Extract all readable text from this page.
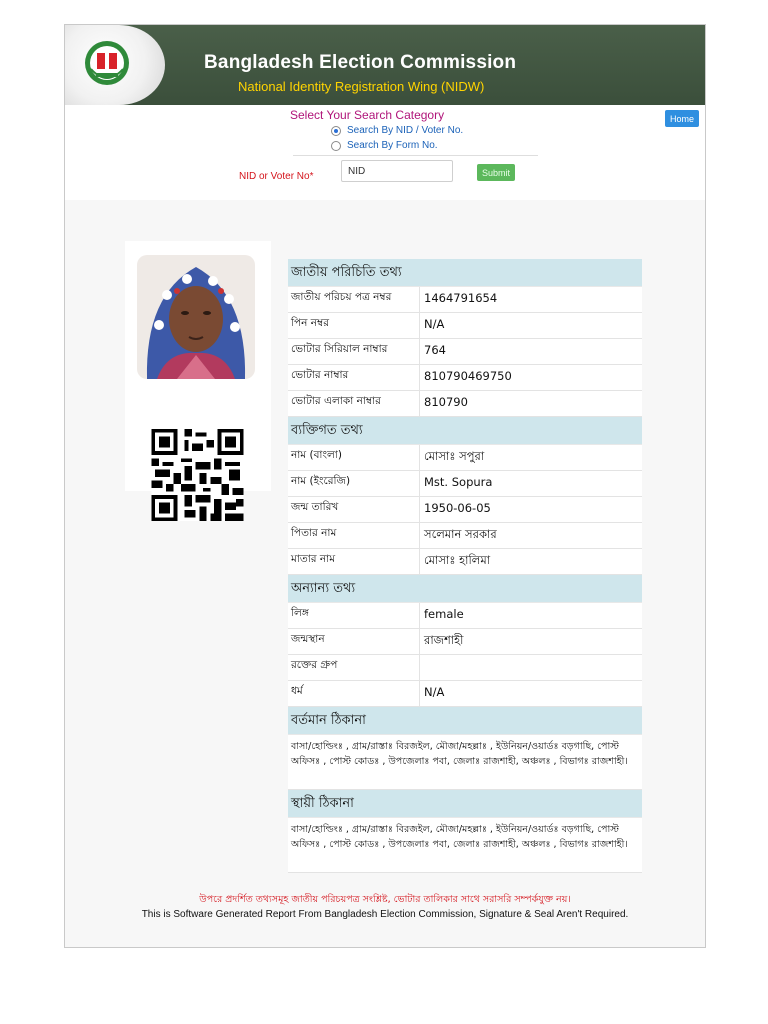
Bangladesh Election Commission
National Identity Registration Wing (NIDW)
Select Your Search Category
Search By NID / Voter No.
Search By Form No.
NID or Voter No*
NID	Submit
Home
জাতীয় পরিচিতি তথ্য
জাতীয় পরিচয় পত্র নম্বর	1464791654
পিন নম্বর	N/A
ভোটার সিরিয়াল নাম্বার	764
ভোটার নাম্বার	810790469750
ভোটার এলাকা নাম্বার	810790
ব্যক্তিগত তথ্য
নাম (বাংলা)	মোসাঃ সপুরা
নাম (ইংরেজি)	Mst. Sopura
জন্ম তারিখ	1950-06-05
পিতার নাম	সলেমান সরকার
মাতার নাম	মোসাঃ হালিমা
অন্যান্য তথ্য
লিঙ্গ	female
জন্মস্থান	রাজশাহী
রক্তের গ্রুপ
ধর্ম	N/A
বর্তমান ঠিকানা
বাসা/হোল্ডিংঃ , গ্রাম/রাস্তাঃ বিরজইল, মৌজা/মহল্লাঃ , ইউনিয়ন/ওয়ার্ডঃ বড়গাছি, পোস্ট অফিসঃ , পোস্ট কোডঃ , উপজেলাঃ পবা, জেলাঃ রাজশাহী, অঞ্চলঃ , বিভাগঃ রাজশাহী।
স্থায়ী ঠিকানা
বাসা/হোল্ডিংঃ , গ্রাম/রাস্তাঃ বিরজইল, মৌজা/মহল্লাঃ , ইউনিয়ন/ওয়ার্ডঃ বড়গাছি, পোস্ট অফিসঃ , পোস্ট কোডঃ , উপজেলাঃ পবা, জেলাঃ রাজশাহী, অঞ্চলঃ , বিভাগঃ রাজশাহী।
উপরে প্রদর্শিত তথ্যসমূহ জাতীয় পরিচয়পত্র সংশ্লিষ্ট, ভোটার তালিকার সাথে সরাসরি সম্পর্কযুক্ত নয়।
This is Software Generated Report From Bangladesh Election Commission, Signature & Seal Aren't Required.
